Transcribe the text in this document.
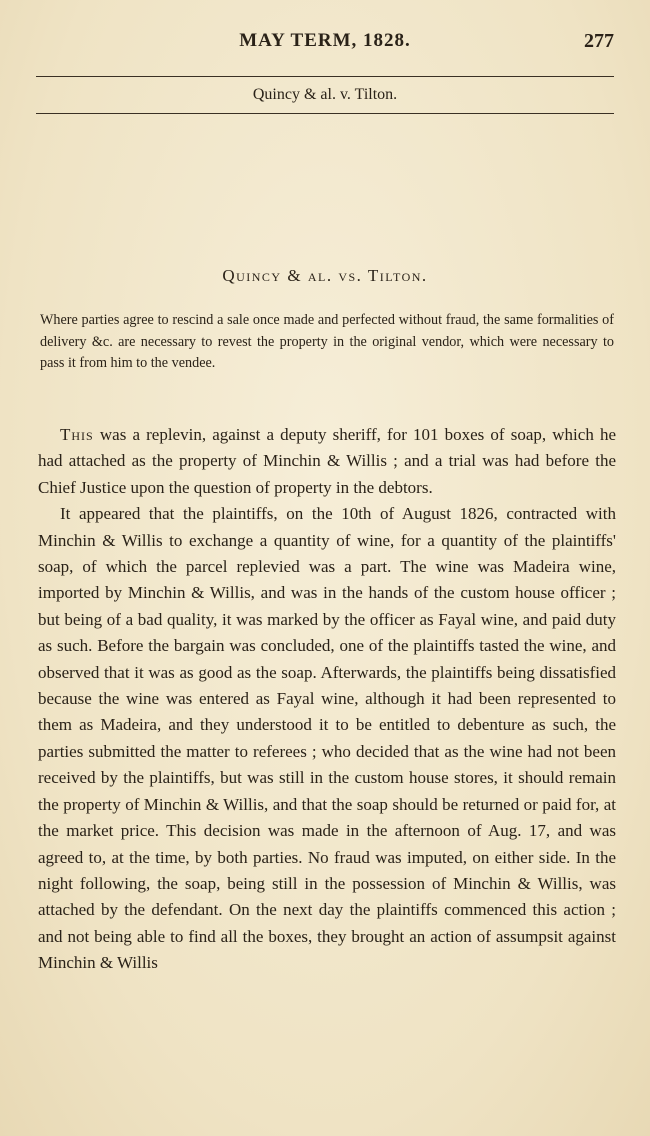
MAY TERM, 1828.	277
Quincy & al. v. Tilton.
Quincy & al. vs. Tilton.
Where parties agree to rescind a sale once made and perfected without fraud, the same formalities of delivery &c. are necessary to revest the property in the original vendor, which were necessary to pass it from him to the vendee.

This was a replevin, against a deputy sheriff, for 101 boxes of soap, which he had attached as the property of Minchin & Willis ; and a trial was had before the Chief Justice upon the question of property in the debtors.

It appeared that the plaintiffs, on the 10th of August 1826, contracted with Minchin & Willis to exchange a quantity of wine, for a quantity of the plaintiffs' soap, of which the parcel replevied was a part. The wine was Madeira wine, imported by Minchin & Willis, and was in the hands of the custom house officer ; but being of a bad quality, it was marked by the officer as Fayal wine, and paid duty as such. Before the bargain was concluded, one of the plaintiffs tasted the wine, and observed that it was as good as the soap. Afterwards, the plaintiffs being dissatisfied because the wine was entered as Fayal wine, although it had been represented to them as Madeira, and they understood it to be entitled to debenture as such, the parties submitted the matter to referees ; who decided that as the wine had not been received by the plaintiffs, but was still in the custom house stores, it should remain the property of Minchin & Willis, and that the soap should be returned or paid for, at the market price. This decision was made in the afternoon of Aug. 17, and was agreed to, at the time, by both parties. No fraud was imputed, on either side. In the night following, the soap, being still in the possession of Minchin & Willis, was attached by the defendant. On the next day the plaintiffs commenced this action ; and not being able to find all the boxes, they brought an action of assumpsit against Minchin & Willis
